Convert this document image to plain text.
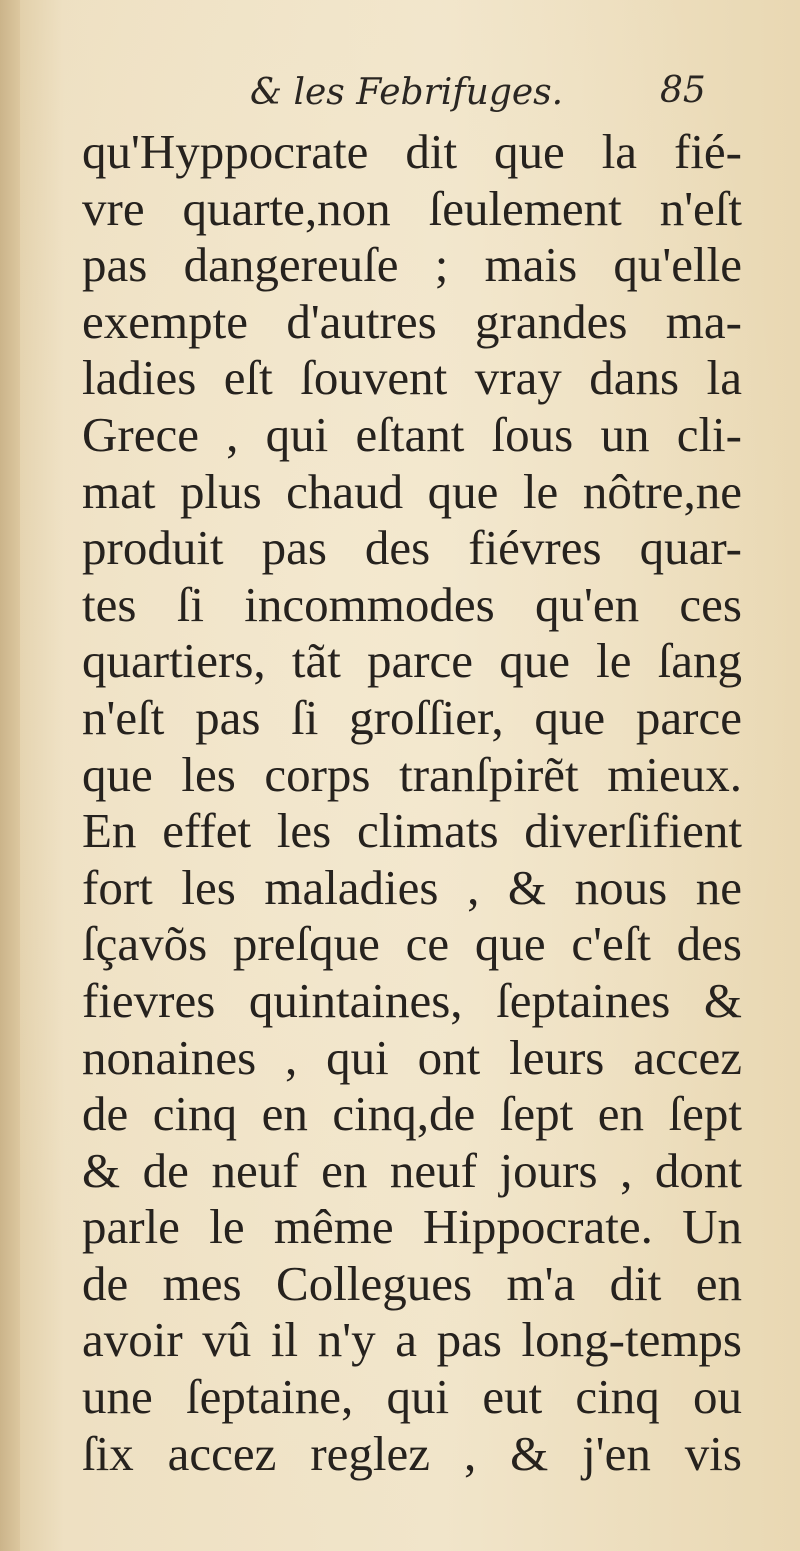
& les Febrifuges.	85
qu'Hyppocrate dit que la fié-
vre quarte,non ſeulement n'eſt
pas dangereuſe ; mais qu'elle
exempte d'autres grandes ma-
ladies eſt ſouvent vray dans la
Grece , qui eſtant ſous un cli-
mat plus chaud que le nôtre,ne
produit pas des fiévres quar-
tes ſi incommodes qu'en ces
quartiers, tãt parce que le ſang
n'eſt pas ſi groſſier, que parce
que les corps tranſpirẽt mieux.
En effet les climats diverſifient
fort les maladies , & nous ne
ſçavõs preſque ce que c'eſt des
fievres quintaines, ſeptaines &
nonaines , qui ont leurs accez
de cinq en cinq,de ſept en ſept
& de neuf en neuf jours , dont
parle le même Hippocrate. Un
de mes Collegues m'a dit en
avoir vû il n'y a pas long-temps
une ſeptaine, qui eut cinq ou
ſix accez reglez , & j'en vis
